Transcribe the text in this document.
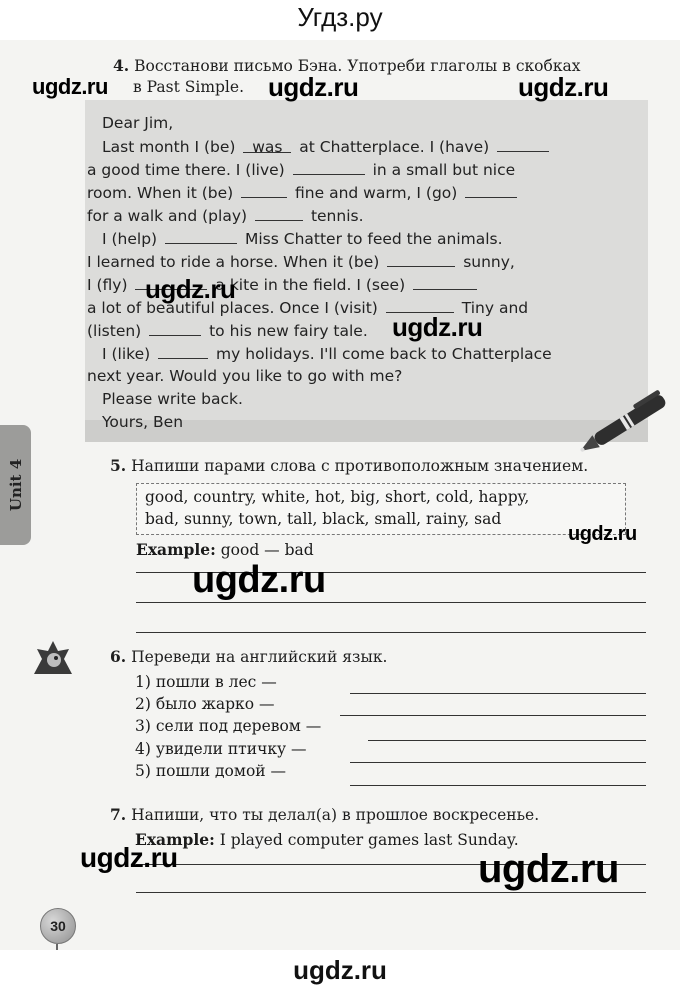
Угдз.ру
4. Восстанови письмо Бэна. Употреби глаголы в скобках
в Past Simple.
Dear Jim,
Last month I (be) was at Chatterplace. I (have)
a good time there. I (live)	in a small but nice
room. When it (be)	fine and warm, I (go)
for a walk and (play)	tennis.
I (help)	Miss Chatter to feed the animals.
I learned to ride a horse. When it (be)	sunny,
I (fly)	a kite in the field. I (see)
a lot of beautiful places. Once I (visit)	Tiny and
(listen)	to his new fairy tale.
I (like)	my holidays. I'll come back to Chatterplace
next year. Would you like to go with me?
Please write back.
Yours, Ben
Unit 4	5. Напиши парами слова с противоположным значением.
good, country, white, hot, big, short, cold, happy,
bad, sunny, town, tall, black, small, rainy, sad
Example: good — bad
6. Переведи на английский язык.
1) пошли в лес —
2) было жарко —
3) сели под деревом —
4) увидели птичку —
5) пошли домой —
7. Напиши, что ты делал(а) в прошлое воскресенье.
Example: I played computer games last Sunday.
30
ugdz.ru	ugdz.ru	ugdz.ru
ugdz.ru
ugdz.ru
ugdz.ru
ugdz.ru
ugdz.ru	ugdz.ru
ugdz.ru
